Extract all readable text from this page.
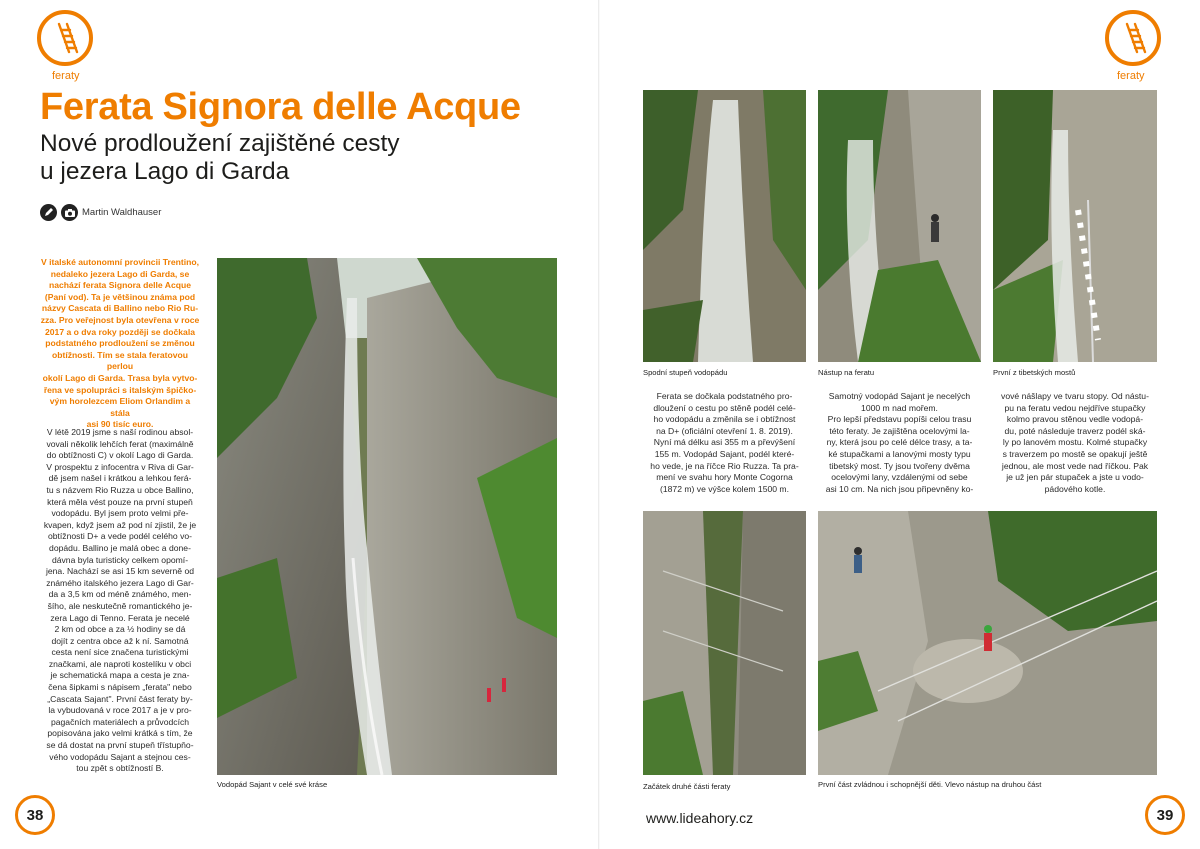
feraty
Ferata Signora delle Acque
Nové prodloužení zajištěné cesty
u jezera Lago di Garda
Martin Waldhauser
V italské autonomní provincii Trentino,
nedaleko jezera Lago di Garda, se
nachází ferata Signora delle Acque
(Paní vod). Ta je většinou známa pod
názvy Cascata di Ballino nebo Rio Ru-
zza. Pro veřejnost byla otevřena v roce
2017 a o dva roky později se dočkala
podstatného prodloužení se změnou
obtížnosti. Tím se stala feratovou perlou
okolí Lago di Garda. Trasa byla vytvo-
řena ve spolupráci s italským špičko-
vým horolezcem Eliom Orlandim a stála
asi 90 tisíc euro.
V létě 2019 jsme s naší rodinou absol-
vovali několik lehčích ferat (maximálně
do obtížnosti C) v okolí Lago di Garda.
V prospektu z infocentra v Riva di Gar-
dě jsem našel i krátkou a lehkou ferá-
tu s názvem Rio Ruzza u obce Ballino,
která měla vést pouze na první stupeň
vodopádu. Byl jsem proto velmi pře-
kvapen, když jsem až pod ní zjistil, že je
obtížnosti D+ a vede podél celého vo-
dopádu. Ballino je malá obec a done-
dávna byla turisticky celkem opomí-
jena. Nachází se asi 15 km severně od
známého italského jezera Lago di Gar-
da a 3,5 km od méně známého, men-
šího, ale neskutečně romantického je-
zera Lago di Tenno. Ferata je necelé
2 km od obce a za ½ hodiny se dá
dojít z centra obce až k ní. Samotná
cesta není sice značena turistickými
značkami, ale naproti kostelíku v obci
je schematická mapa a cesta je zna-
čena šipkami s nápisem „ferata" nebo
„Cascata Sajant". První část feraty by-
la vybudovaná v roce 2017 a je v pro-
pagačních materiálech a průvodcích
popisována jako velmi krátká s tím, že
se dá dostat na první stupeň třístupňo-
vého vodopádu Sajant a stejnou ces-
tou zpět s obtížností B.
Vodopád Sajant v celé své kráse
38
feraty
Spodní stupeň vodopádu	Nástup na feratu	První z tibetských mostů
Ferata se dočkala podstatného pro-
dloužení o cestu po stěně podél celé-
ho vodopádu a změnila se i obtížnost
na D+ (oficiální otevření 1. 8. 2019).
Nyní má délku asi 355 m a převýšení
155 m. Vodopád Sajant, podél které-
ho vede, je na říčce Rio Ruzza. Ta pra-
mení ve svahu hory Monte Cogorna
(1872 m) ve výšce kolem 1500 m.
Samotný vodopád Sajant je necelých
1000 m nad mořem.
Pro lepší představu popíši celou trasu
této feraty. Je zajištěna ocelovými la-
ny, která jsou po celé délce trasy, a ta-
ké stupačkami a lanovými mosty typu
tibetský most. Ty jsou tvořeny dvěma
ocelovými lany, vzdálenými od sebe
asi 10 cm. Na nich jsou připevněny ko-
vové nášlapy ve tvaru stopy. Od nástu-
pu na feratu vedou nejdříve stupačky
kolmo pravou stěnou vedle vodopá-
du, poté následuje traverz podél ská-
ly po lanovém mostu. Kolmé stupačky
s traverzem po mostě se opakují ještě
jednou, ale most vede nad říčkou. Pak
je už jen pár stupaček a jste u vodo-
pádového kotle.
Začátek druhé části feraty	První část zvládnou i schopnější děti. Vlevo nástup na druhou část
www.lideahory.cz	39
